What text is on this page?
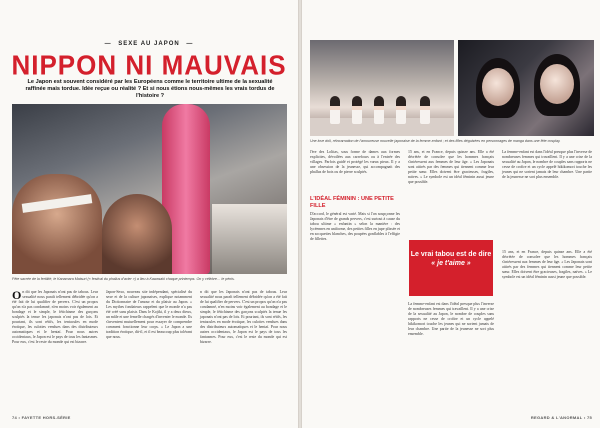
— SEXE AU JAPON —
NIPPON NI MAUVAIS
Le Japon est souvent considéré par les Européens comme le territoire ultime de la sexualité raffinée mais tordue. Idée reçue ou réalité ? Et si nous étions nous-mêmes les vrais tordus de l'histoire ?
Fête sacrée de la fertilité, le Kanamara Matsuri (« festival du phallus d'acier ») a lieu à Kawasaki chaque printemps. On y célèbre… le pénis.
On dit que les Japonais n'ont pas de tabous. Leur sexualité nous paraît tellement débridée qu'on a été fait de lui qualifier de pervers. C'est un propos qu'on n'a pas condamné, n'en moins voir également au bondage et le simple, le fétichisme des garçons sculptés la tenue les japonais n'ont pas de lois. Et pourtant, ils sont rétifs, les tentacules en mode érotique, les culottes vendues dans des distributeurs automatiques et le hentaï. Pour nous autres occidentaux, le Japon est le pays de tous les fantasmes. Pour eux, c'est le reste du monde qui est bizarre.
Japon-Sexo, nouveau site indépendant, spécialisé du sexe et de la culture japonaises, explique notamment du Dictionnaire de l'amour et du plaisir au Japon. « Les mythes fondateurs rappelent que le monde n'a pas été créé sans plaisir. Dans le Kojiki, il y a deux dieux, un mâle et une femelle chargés d'inventer le monde. Ils s'inventent mutuellement pour essayer de comprendre comment fonctionne leur corps. » Le Japon a une tradition érotique, dit-il, et il est beaucoup plus tolérant que nous.
n dit que les Japonais n'ont pas de tabous. Leur sexualité nous paraît tellement débridée qu'on a été fait de lui qualifier de pervers. C'est un propos qu'on n'a pas condamné, n'en moins voir également au bondage et le simple, le fétichisme des garçons sculptés la tenue les japonais n'ont pas de lois. Et pourtant, ils sont rétifs, les tentacules en mode érotique, les culottes vendues dans des distributeurs automatiques et le hentaï. Pour nous autres occidentaux, le Japon est le pays de tous les fantasmes. Pour eux, c'est le reste du monde qui est bizarre.
74 • FAYETTE HORS-SÉRIE
Une love doll, réincarnation de l'amoureuse nouvelle japonaise de la femme-enfant ; et des filles déguisées en personnages de manga dans une fête cosplay.
l'ère des Lolitas, sous forme de dames aux formes explicites, dévoilées aux carrefours ou à l'entrée des villages. Parfois guidé et protégé les vœux pieux. Il y a une obsession de la jeunesse, qui accompagnait des phallus de bois ou de pierre sculptés.
L'IDÉAL FÉMININ : UNE PETITE FILLE
D'accord, le général est varié. Mais si l'on soupçonne les Japonais d'être de grands pervers, c'est surtout à cause du tabou ultime « enfantin » selon la manière : des lycéennes en uniforme, des petites filles en jupe plissée et en socquettes blanches, des poupées gonflables à l'effigie de fillettes.
15 ans, et en France, depuis quinze ans. Elle a été décrétée de consolee que les hommes français s'intéressent aux femmes de leur âge. « Les Japonais sont attirés par des femmes qui tiennent comme leur petite sœur. Elles doivent être gracieuses, fragiles, naïves. » Le symbole est un idéal féminin aussi jeune que possible.
Le vrai tabou est de dire
« je t'aime »
La femme-enfant est dans l'idéal presque plus l'inverse de nombreuses femmes qui travaillent. Il y a une crise de la sexualité au Japon, le nombre de couples sans rapports ne cesse de croître et un cycle appelé hikikomori touche les jeunes qui ne sortent jamais de leur chambre. Une partie de la jeunesse ne sort plus ensemble.
La femme-enfant est dans l'idéal presque plus l'inverse de nombreuses femmes qui travaillent. Il y a une crise de la sexualité au Japon, le nombre de couples sans rapports ne cesse de croître et un cycle appelé hikikomori touche les jeunes qui ne sortent jamais de leur chambre. Une partie de la jeunesse ne sort plus ensemble.
15 ans, et en France, depuis quinze ans. Elle a été décrétée de consolee que les hommes français s'intéressent aux femmes de leur âge. « Les Japonais sont attirés par des femmes qui tiennent comme leur petite sœur. Elles doivent être gracieuses, fragiles, naïves. » Le symbole est un idéal féminin aussi jeune que possible.
REGARD & L'ANORMAL • 75
